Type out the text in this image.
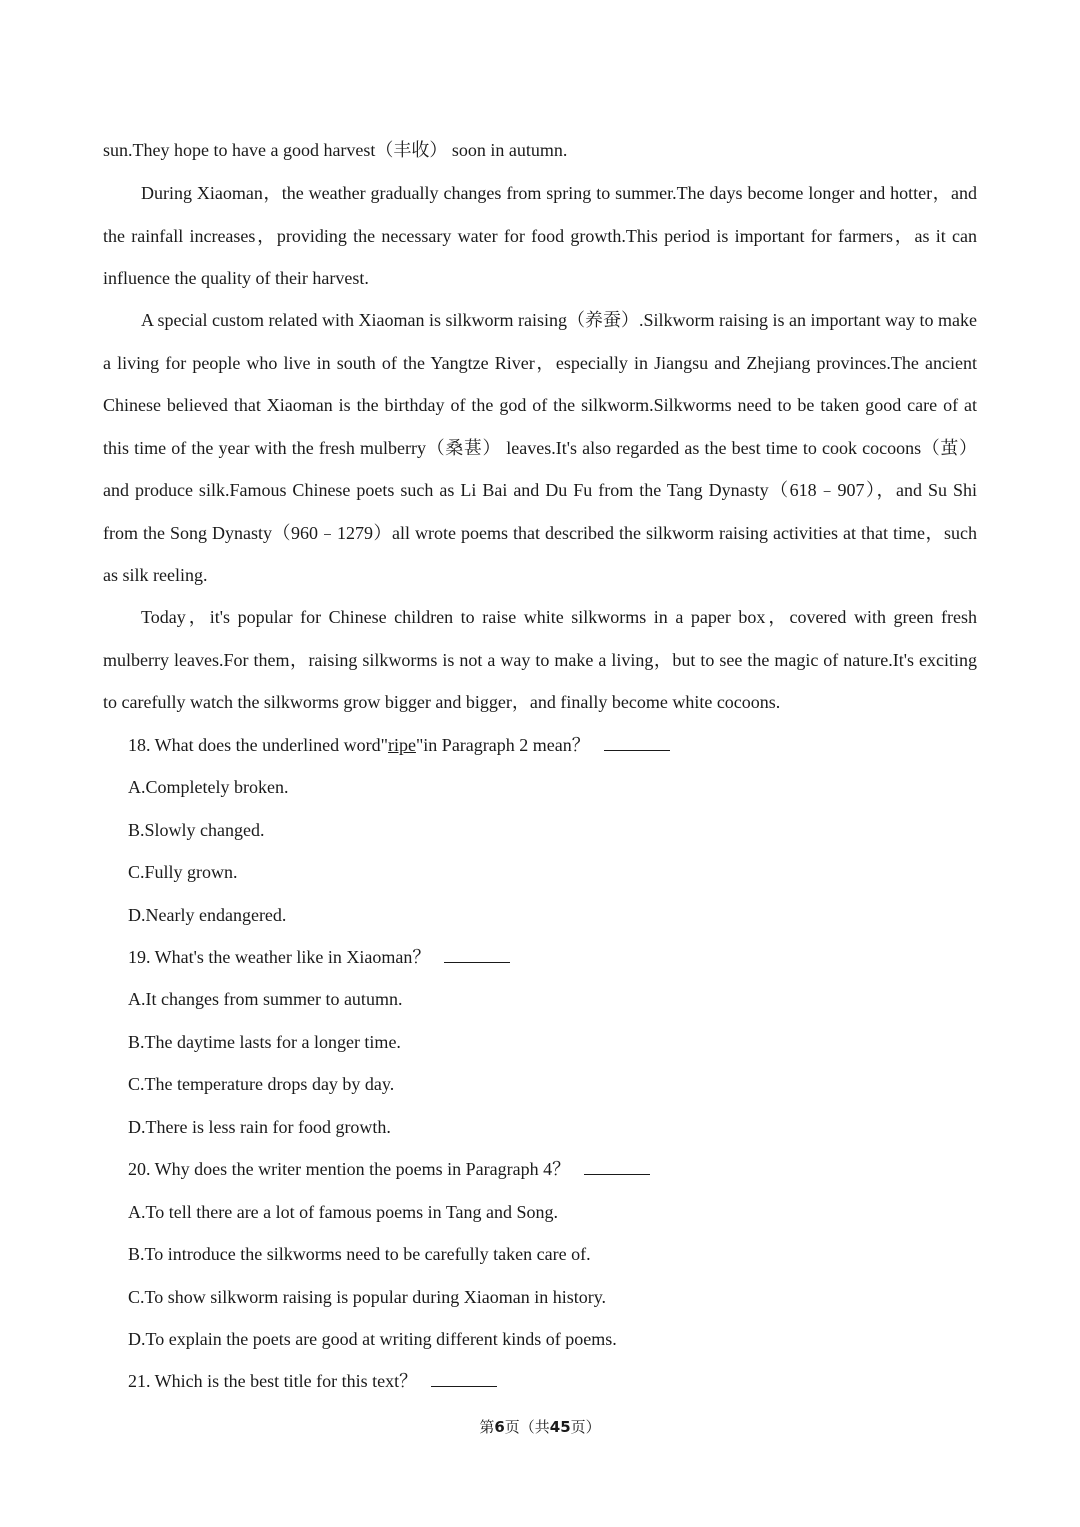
sun.They hope to have a good harvest（丰收） soon in autumn.

During Xiaoman，the weather gradually changes from spring to summer.The days become longer and hotter，and the rainfall increases，providing the necessary water for food growth.This period is important for farmers，as it can influence the quality of their harvest.

A special custom related with Xiaoman is silkworm raising（养蚕）.Silkworm raising is an important way to make a living for people who live in south of the Yangtze River，especially in Jiangsu and Zhejiang provinces.The ancient Chinese believed that Xiaoman is the birthday of the god of the silkworm.Silkworms need to be taken good care of at this time of the year with the fresh mulberry（桑葚） leaves.It's also regarded as the best time to cook cocoons（茧） and produce silk.Famous Chinese poets such as Li Bai and Du Fu from the Tang Dynasty（618﹣907），and Su Shi from the Song Dynasty（960﹣1279）all wrote poems that described the silkworm raising activities at that time，such as silk reeling.

Today，it's popular for Chinese children to raise white silkworms in a paper box，covered with green fresh mulberry leaves.For them，raising silkworms is not a way to make a living，but to see the magic of nature.It's exciting to carefully watch the silkworms grow bigger and bigger，and finally become white cocoons.

18. What does the underlined word"ripe"in Paragraph 2 mean？
A.Completely broken.
B.Slowly changed.
C.Fully grown.
D.Nearly endangered.
19. What's the weather like in Xiaoman？
A.It changes from summer to autumn.
B.The daytime lasts for a longer time.
C.The temperature drops day by day.
D.There is less rain for food growth.
20. Why does the writer mention the poems in Paragraph 4？
A.To tell there are a lot of famous poems in Tang and Song.
B.To introduce the silkworms need to be carefully taken care of.
C.To show silkworm raising is popular during Xiaoman in history.
D.To explain the poets are good at writing different kinds of poems.
21. Which is the best title for this text？
第6页（共45页）
